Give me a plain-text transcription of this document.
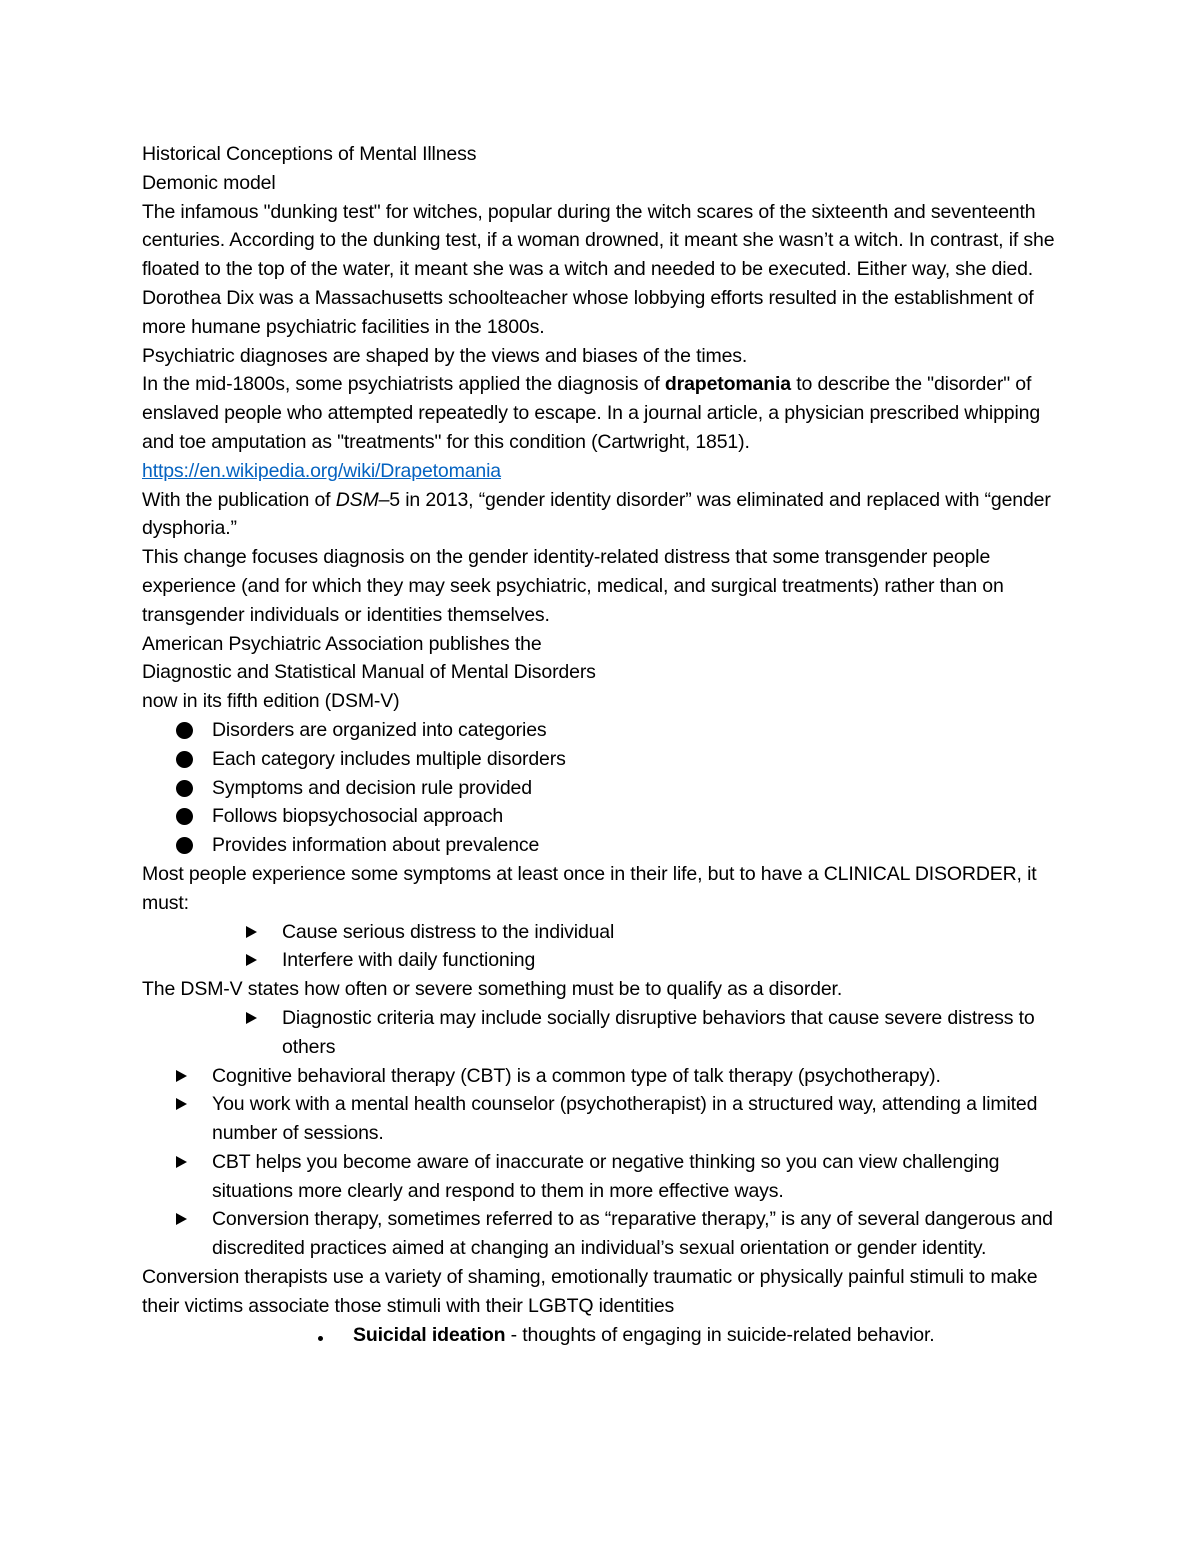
Historical Conceptions of Mental Illness

Demonic model

The infamous "dunking test" for witches, popular during the witch scares of the sixteenth and seventeenth centuries. According to the dunking test, if a woman drowned, it meant she wasn’t a witch. In contrast, if she floated to the top of the water, it meant she was a witch and needed to be executed. Either way, she died.

Dorothea Dix was a Massachusetts schoolteacher whose lobbying efforts resulted in the establishment of more humane psychiatric facilities in the 1800s.

Psychiatric diagnoses are shaped by the views and biases of the times.

In the mid-1800s, some psychiatrists applied the diagnosis of drapetomania to describe the "disorder" of enslaved people who attempted repeatedly to escape. In a journal article, a physician prescribed whipping and toe amputation as "treatments" for this condition (Cartwright, 1851). https://en.wikipedia.org/wiki/Drapetomania

With the publication of DSM–5 in 2013, “gender identity disorder” was eliminated and replaced with “gender dysphoria.”

This change focuses diagnosis on the gender identity-related distress that some transgender people experience (and for which they may seek psychiatric, medical, and surgical treatments) rather than on transgender individuals or identities themselves.

American Psychiatric Association publishes the

Diagnostic and Statistical Manual of Mental Disorders

now in its fifth edition (DSM-V)

Disorders are organized into categories
Each category includes multiple disorders
Symptoms and decision rule provided
Follows biopsychosocial approach
Provides information about prevalence

Most people experience some symptoms at least once in their life, but to have a CLINICAL DISORDER, it must:

Cause serious distress to the individual
Interfere with daily functioning

The DSM-V states how often or severe something must be to qualify as a disorder.

Diagnostic criteria may include socially disruptive behaviors that cause severe distress to others
Cognitive behavioral therapy (CBT) is a common type of talk therapy (psychotherapy).
You work with a mental health counselor (psychotherapist) in a structured way, attending a limited number of sessions.
CBT helps you become aware of inaccurate or negative thinking so you can view challenging situations more clearly and respond to them in more effective ways.
Conversion therapy, sometimes referred to as “reparative therapy,” is any of several dangerous and discredited practices aimed at changing an individual’s sexual orientation or gender identity.

Conversion therapists use a variety of shaming, emotionally traumatic or physically painful stimuli to make their victims associate those stimuli with their LGBTQ identities

Suicidal ideation - thoughts of engaging in suicide-related behavior.
